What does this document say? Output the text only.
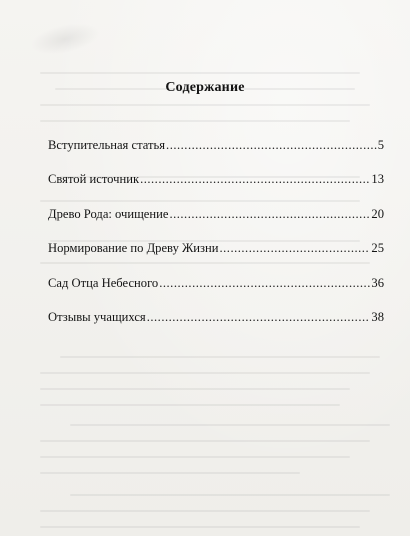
Содержание
Вступительная статья .....	5
Святой источник .....	13
Древо Рода: очищение .....	20
Нормирование по Древу Жизни .....	25
Сад Отца Небесного .....	36
Отзывы учащихся .....	38
